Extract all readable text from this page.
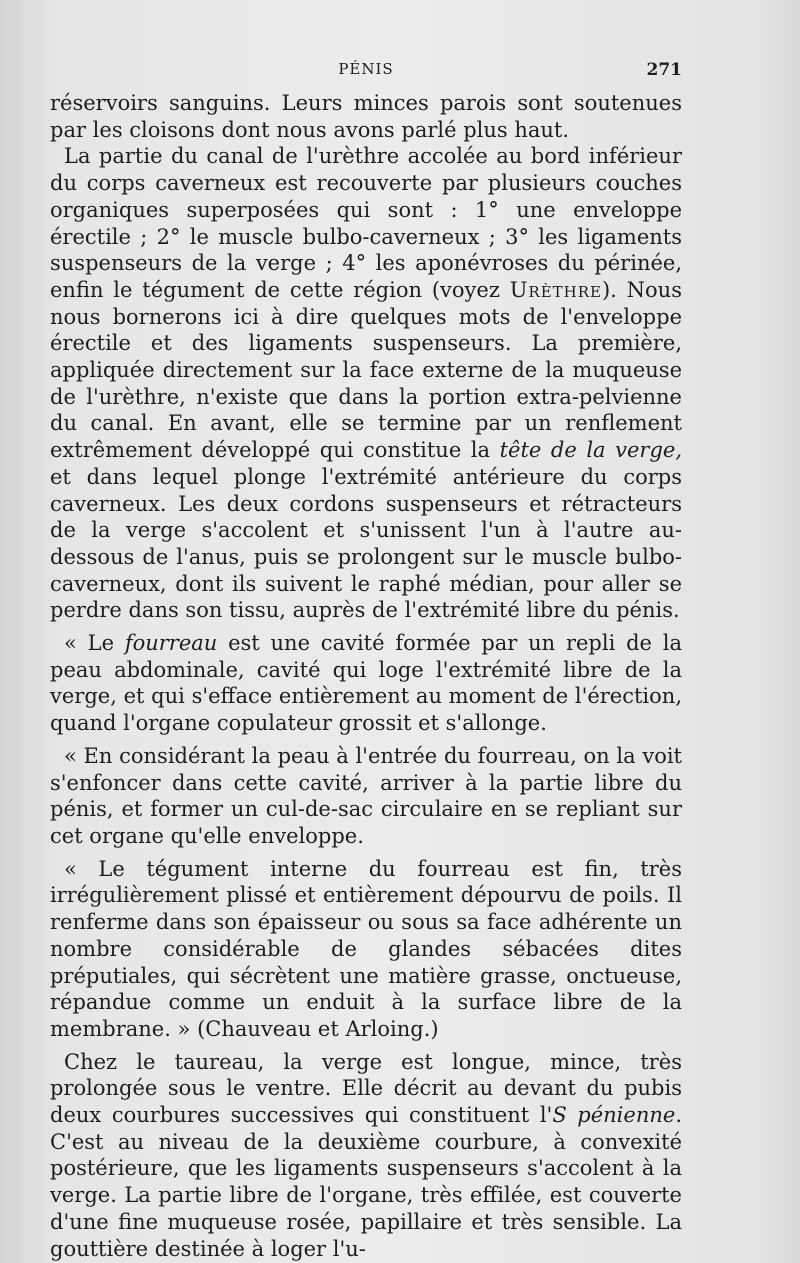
PÉNIS	271

réservoirs sanguins. Leurs minces parois sont soutenues par les cloisons dont nous avons parlé plus haut.

La partie du canal de l'urèthre accolée au bord inférieur du corps caverneux est recouverte par plusieurs couches organiques superposées qui sont : 1° une enveloppe érectile ; 2° le muscle bulbo-caverneux ; 3° les ligaments suspenseurs de la verge ; 4° les aponévroses du périnée, enfin le tégument de cette région (voyez Urèthre). Nous nous bornerons ici à dire quelques mots de l'enveloppe érectile et des ligaments suspenseurs. La première, appliquée directement sur la face externe de la muqueuse de l'urèthre, n'existe que dans la portion extra-pelvienne du canal. En avant, elle se termine par un renflement extrêmement développé qui constitue la tête de la verge, et dans lequel plonge l'extrémité antérieure du corps caverneux. Les deux cordons suspenseurs et rétracteurs de la verge s'accolent et s'unissent l'un à l'autre au-dessous de l'anus, puis se prolongent sur le muscle bulbo-caverneux, dont ils suivent le raphé médian, pour aller se perdre dans son tissu, auprès de l'extrémité libre du pénis.

« Le fourreau est une cavité formée par un repli de la peau abdominale, cavité qui loge l'extrémité libre de la verge, et qui s'efface entièrement au moment de l'érection, quand l'organe copulateur grossit et s'allonge.

« En considérant la peau à l'entrée du fourreau, on la voit s'enfoncer dans cette cavité, arriver à la partie libre du pénis, et former un cul-de-sac circulaire en se repliant sur cet organe qu'elle enveloppe.

« Le tégument interne du fourreau est fin, très irrégulièrement plissé et entièrement dépourvu de poils. Il renferme dans son épaisseur ou sous sa face adhérente un nombre considérable de glandes sébacées dites préputiales, qui sécrètent une matière grasse, onctueuse, répandue comme un enduit à la surface libre de la membrane. » (Chauveau et Arloing.)

Chez le taureau, la verge est longue, mince, très prolongée sous le ventre. Elle décrit au devant du pubis deux courbures successives qui constituent l'S pénienne. C'est au niveau de la deuxième courbure, à convexité postérieure, que les ligaments suspenseurs s'accolent à la verge. La partie libre de l'organe, très effilée, est couverte d'une fine muqueuse rosée, papillaire et très sensible. La gouttière destinée à loger l'u-
